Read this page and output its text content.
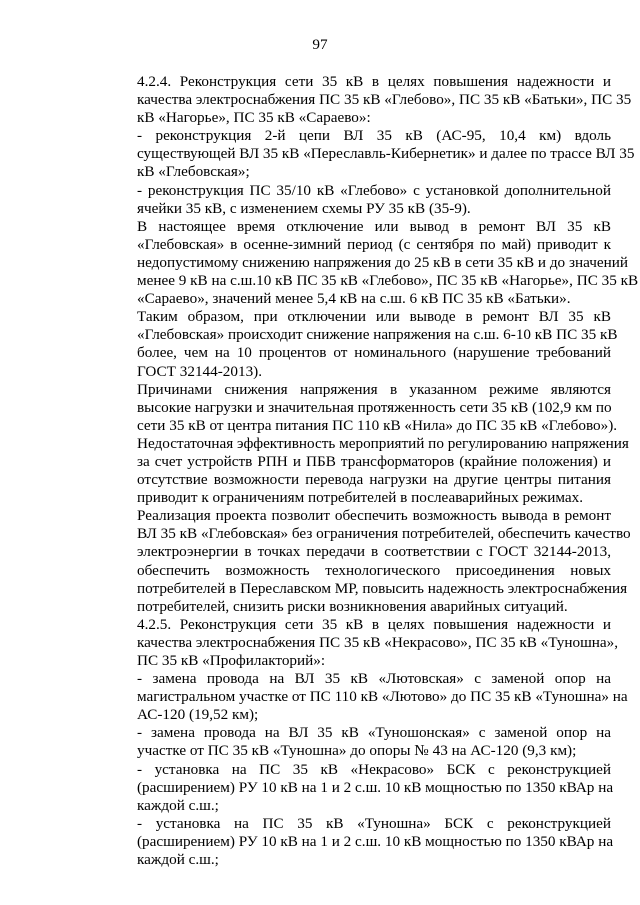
97

4.2.4. Реконструкция сети 35 кВ в целях повышения надежности и
качества электроснабжения ПС 35 кВ «Глебово», ПС 35 кВ «Батьки», ПС 35
кВ «Нагорье», ПС 35 кВ «Сараево»:

- реконструкция 2-й цепи ВЛ 35 кВ (АС-95, 10,4 км) вдоль
существующей ВЛ 35 кВ «Переславль-Кибернетик» и далее по трассе ВЛ 35
кВ «Глебовская»;

- реконструкция ПС 35/10 кВ «Глебово» с установкой дополнительной
ячейки 35 кВ, с изменением схемы РУ 35 кВ (35-9).

В настоящее время отключение или вывод в ремонт ВЛ 35 кВ
«Глебовская» в осенне-зимний период (с сентября по май) приводит к
недопустимому снижению напряжения до 25 кВ в сети 35 кВ и до значений
менее 9 кВ на с.ш.10 кВ ПС 35 кВ «Глебово», ПС 35 кВ «Нагорье», ПС 35 кВ
«Сараево», значений менее 5,4 кВ на с.ш. 6 кВ ПС 35 кВ «Батьки».

Таким образом, при отключении или выводе в ремонт ВЛ 35 кВ
«Глебовская» происходит снижение напряжения на с.ш. 6-10 кВ ПС 35 кВ
более, чем на 10 процентов от номинального (нарушение требований
ГОСТ 32144-2013).

Причинами снижения напряжения в указанном режиме являются
высокие нагрузки и значительная протяженность сети 35 кВ (102,9 км по
сети 35 кВ от центра питания ПС 110 кВ «Нила» до ПС 35 кВ «Глебово»).
Недостаточная эффективность мероприятий по регулированию напряжения
за счет устройств РПН и ПБВ трансформаторов (крайние положения) и
отсутствие возможности перевода нагрузки на другие центры питания
приводит к ограничениям потребителей в послеаварийных режимах.

Реализация проекта позволит обеспечить возможность вывода в ремонт
ВЛ 35 кВ «Глебовская» без ограничения потребителей, обеспечить качество
электроэнергии в точках передачи в соответствии с ГОСТ 32144-2013,
обеспечить возможность технологического присоединения новых
потребителей в Переславском МР, повысить надежность электроснабжения
потребителей, снизить риски возникновения аварийных ситуаций.

4.2.5. Реконструкция сети 35 кВ в целях повышения надежности и
качества электроснабжения ПС 35 кВ «Некрасово», ПС 35 кВ «Туношна»,
ПС 35 кВ «Профилакторий»:

- замена провода на ВЛ 35 кВ «Лютовская» с заменой опор на
магистральном участке от ПС 110 кВ «Лютово» до ПС 35 кВ «Туношна» на
АС-120 (19,52 км);

- замена провода на ВЛ 35 кВ «Туношонская» с заменой опор на
участке от ПС 35 кВ «Туношна» до опоры № 43 на АС-120 (9,3 км);

- установка на ПС 35 кВ «Некрасово» БСК с реконструкцией
(расширением) РУ 10 кВ на 1 и 2 с.ш. 10 кВ мощностью по 1350 кВАр на
каждой с.ш.;

- установка на ПС 35 кВ «Туношна» БСК с реконструкцией
(расширением) РУ 10 кВ на 1 и 2 с.ш. 10 кВ мощностью по 1350 кВАр на
каждой с.ш.;
